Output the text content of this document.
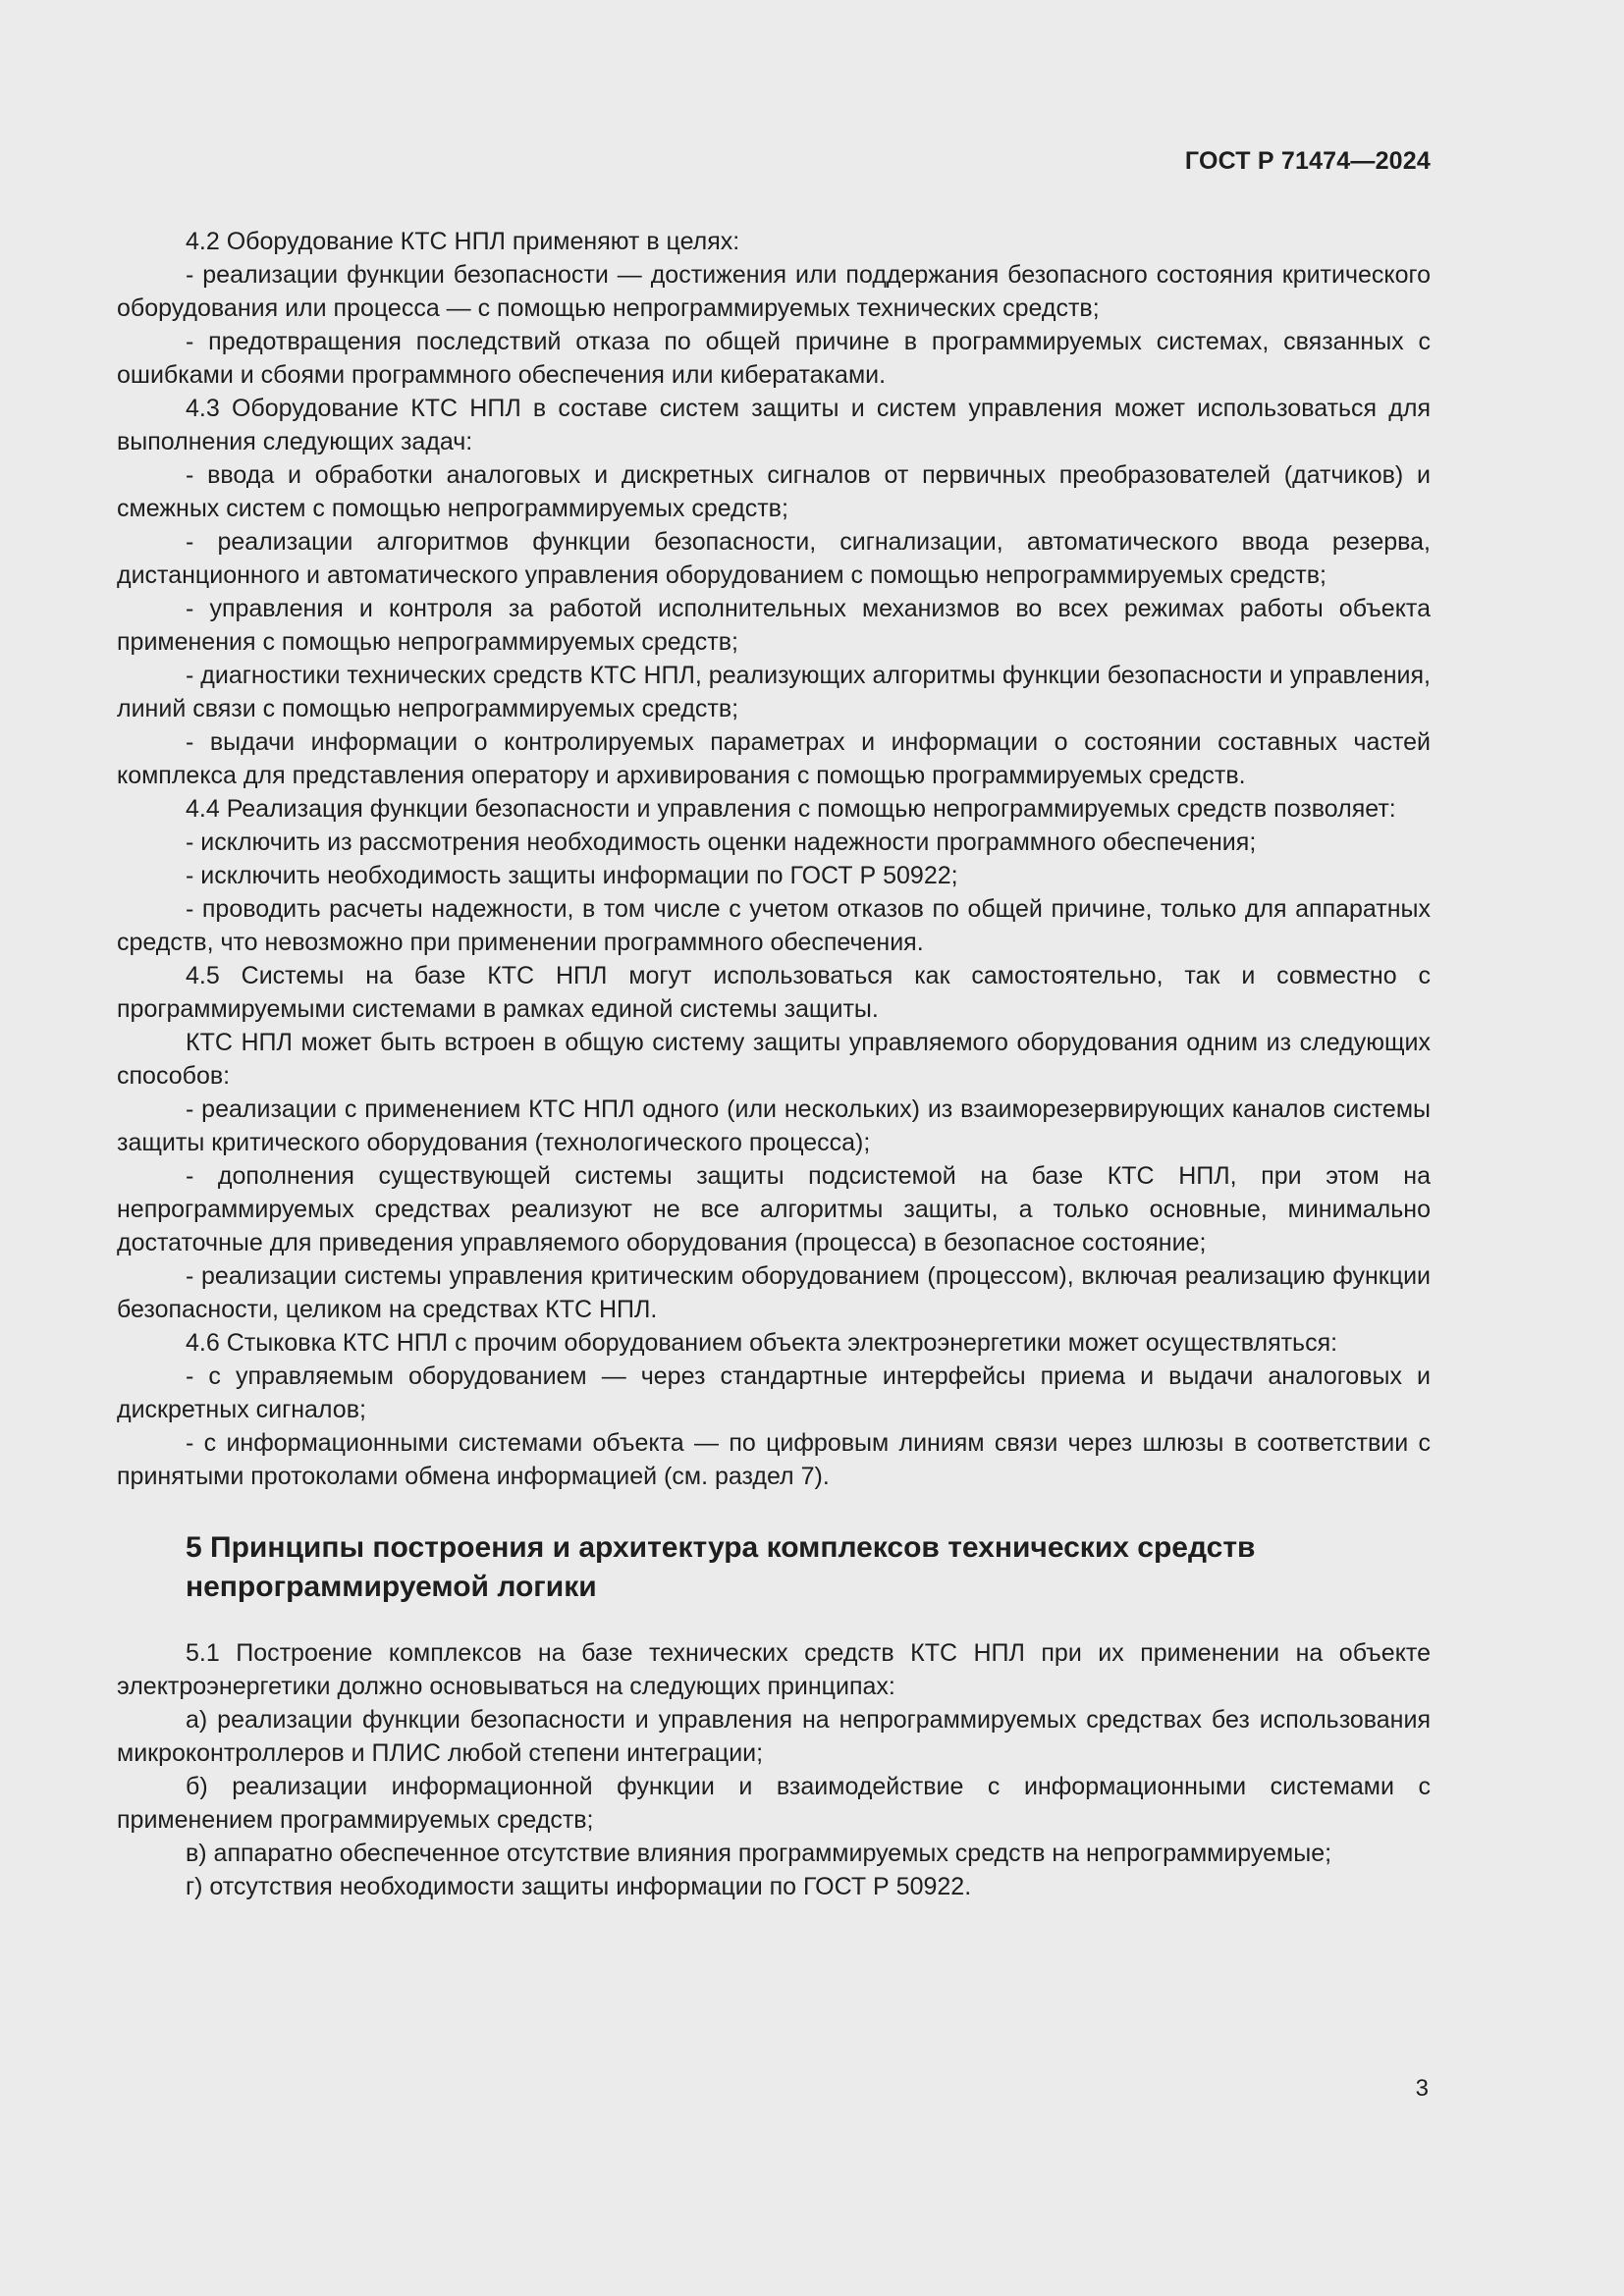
ГОСТ Р 71474—2024

4.2 Оборудование КТС НПЛ применяют в целях:

- реализации функции безопасности — достижения или поддержания безопасного состояния критического оборудования или процесса — с помощью непрограммируемых технических средств;

- предотвращения последствий отказа по общей причине в программируемых системах, связанных с ошибками и сбоями программного обеспечения или кибератаками.

4.3 Оборудование КТС НПЛ в составе систем защиты и систем управления может использоваться для выполнения следующих задач:

- ввода и обработки аналоговых и дискретных сигналов от первичных преобразователей (датчиков) и смежных систем с помощью непрограммируемых средств;

- реализации алгоритмов функции безопасности, сигнализации, автоматического ввода резерва, дистанционного и автоматического управления оборудованием с помощью непрограммируемых средств;

- управления и контроля за работой исполнительных механизмов во всех режимах работы объекта применения с помощью непрограммируемых средств;

- диагностики технических средств КТС НПЛ, реализующих алгоритмы функции безопасности и управления, линий связи с помощью непрограммируемых средств;

- выдачи информации о контролируемых параметрах и информации о состоянии составных частей комплекса для представления оператору и архивирования с помощью программируемых средств.

4.4 Реализация функции безопасности и управления с помощью непрограммируемых средств позволяет:

- исключить из рассмотрения необходимость оценки надежности программного обеспечения;

- исключить необходимость защиты информации по ГОСТ Р 50922;

- проводить расчеты надежности, в том числе с учетом отказов по общей причине, только для аппаратных средств, что невозможно при применении программного обеспечения.

4.5 Системы на базе КТС НПЛ могут использоваться как самостоятельно, так и совместно с программируемыми системами в рамках единой системы защиты.

КТС НПЛ может быть встроен в общую систему защиты управляемого оборудования одним из следующих способов:

- реализации с применением КТС НПЛ одного (или нескольких) из взаиморезервирующих каналов системы защиты критического оборудования (технологического процесса);

- дополнения существующей системы защиты подсистемой на базе КТС НПЛ, при этом на непрограммируемых средствах реализуют не все алгоритмы защиты, а только основные, минимально достаточные для приведения управляемого оборудования (процесса) в безопасное состояние;

- реализации системы управления критическим оборудованием (процессом), включая реализацию функции безопасности, целиком на средствах КТС НПЛ.

4.6 Стыковка КТС НПЛ с прочим оборудованием объекта электроэнергетики может осуществляться:

- с управляемым оборудованием — через стандартные интерфейсы приема и выдачи аналоговых и дискретных сигналов;

- с информационными системами объекта — по цифровым линиям связи через шлюзы в соответствии с принятыми протоколами обмена информацией (см. раздел 7).

5 Принципы построения и архитектура комплексов технических средств непрограммируемой логики

5.1 Построение комплексов на базе технических средств КТС НПЛ при их применении на объекте электроэнергетики должно основываться на следующих принципах:

а) реализации функции безопасности и управления на непрограммируемых средствах без использования микроконтроллеров и ПЛИС любой степени интеграции;

б) реализации информационной функции и взаимодействие с информационными системами с применением программируемых средств;

в) аппаратно обеспеченное отсутствие влияния программируемых средств на непрограммируемые;

г) отсутствия необходимости защиты информации по ГОСТ Р 50922.

3
